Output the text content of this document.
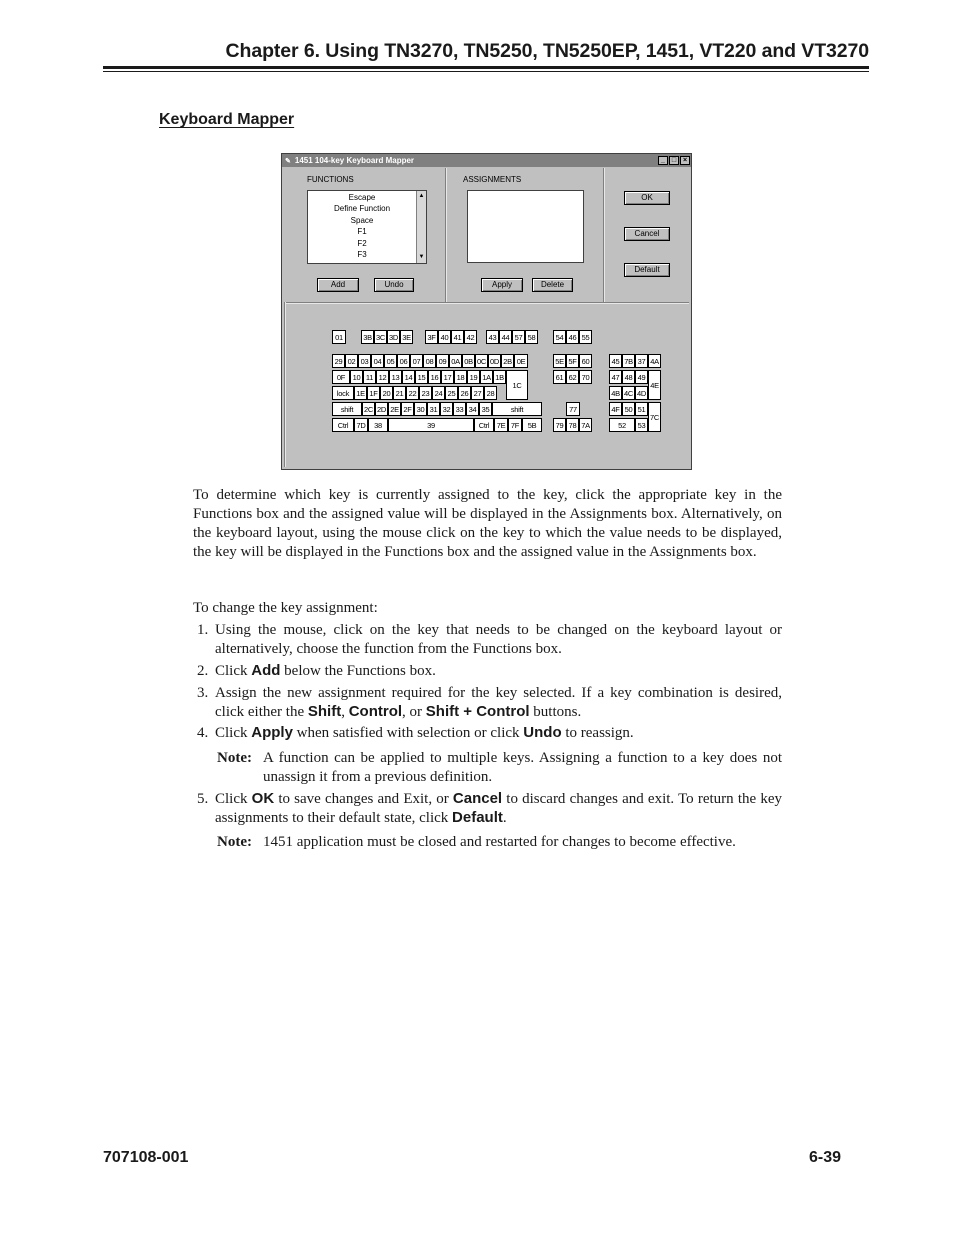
Chapter 6. Using TN3270, TN5250, TN5250EP, 1451, VT220 and VT3270
Keyboard Mapper
✎ 1451 104-key Keyboard Mapper	_ □ ×
FUNCTIONS	ASSIGNMENTS
Escape
Define Function
Space
F1
F2
F3
▲
▼
Add	Undo	Apply	Delete
OK
Cancel
Default
01	3B 3C 3D 3E	3F 40 41 42	43 44 57 58	54 46 55
29 02 03 04 05 06 07 08 09 0A 0B 0C 0D 2B 0E	5E 5F 60	45 7B 37 4A
0F	10 11 12 13 14 15 16 17 18 19 1A 1B
1C
61 62 70	47 48 49
4E
lock 1E 1F 20 21 22 23 24 25 26 27 28	4B 4C 4D
shift	2C 2D 2E 2F 30 31 32 33 34 35	shift	77	4F 50 51
7C
Ctrl	7D	38	39	Ctrl 7E 7F	5B	79 78 7A	52	53
To determine which key is currently assigned to the key, click the appropriate key in the Functions box and the assigned value will be displayed in the Assignments box. Alternatively, on the keyboard layout, using the mouse click on the key to which the value needs to be displayed, the key will be displayed in the Functions box and the assigned value in the Assignments box.
To change the key assignment:
1. Using the mouse, click on the key that needs to be changed on the keyboard layout or alternatively, choose the function from the Functions box.
2. Click Add below the Functions box.
3. Assign the new assignment required for the key selected. If a key combination is desired, click either the Shift, Control, or Shift + Control buttons.
4. Click Apply when satisfied with selection or click Undo to reassign.
Note: A function can be applied to multiple keys. Assigning a function to a key does not unassign it from a previous definition.
5. Click OK to save changes and Exit, or Cancel to discard changes and exit. To return the key assignments to their default state, click Default.
Note: 1451 application must be closed and restarted for changes to become effective.
707108-001	6-39
